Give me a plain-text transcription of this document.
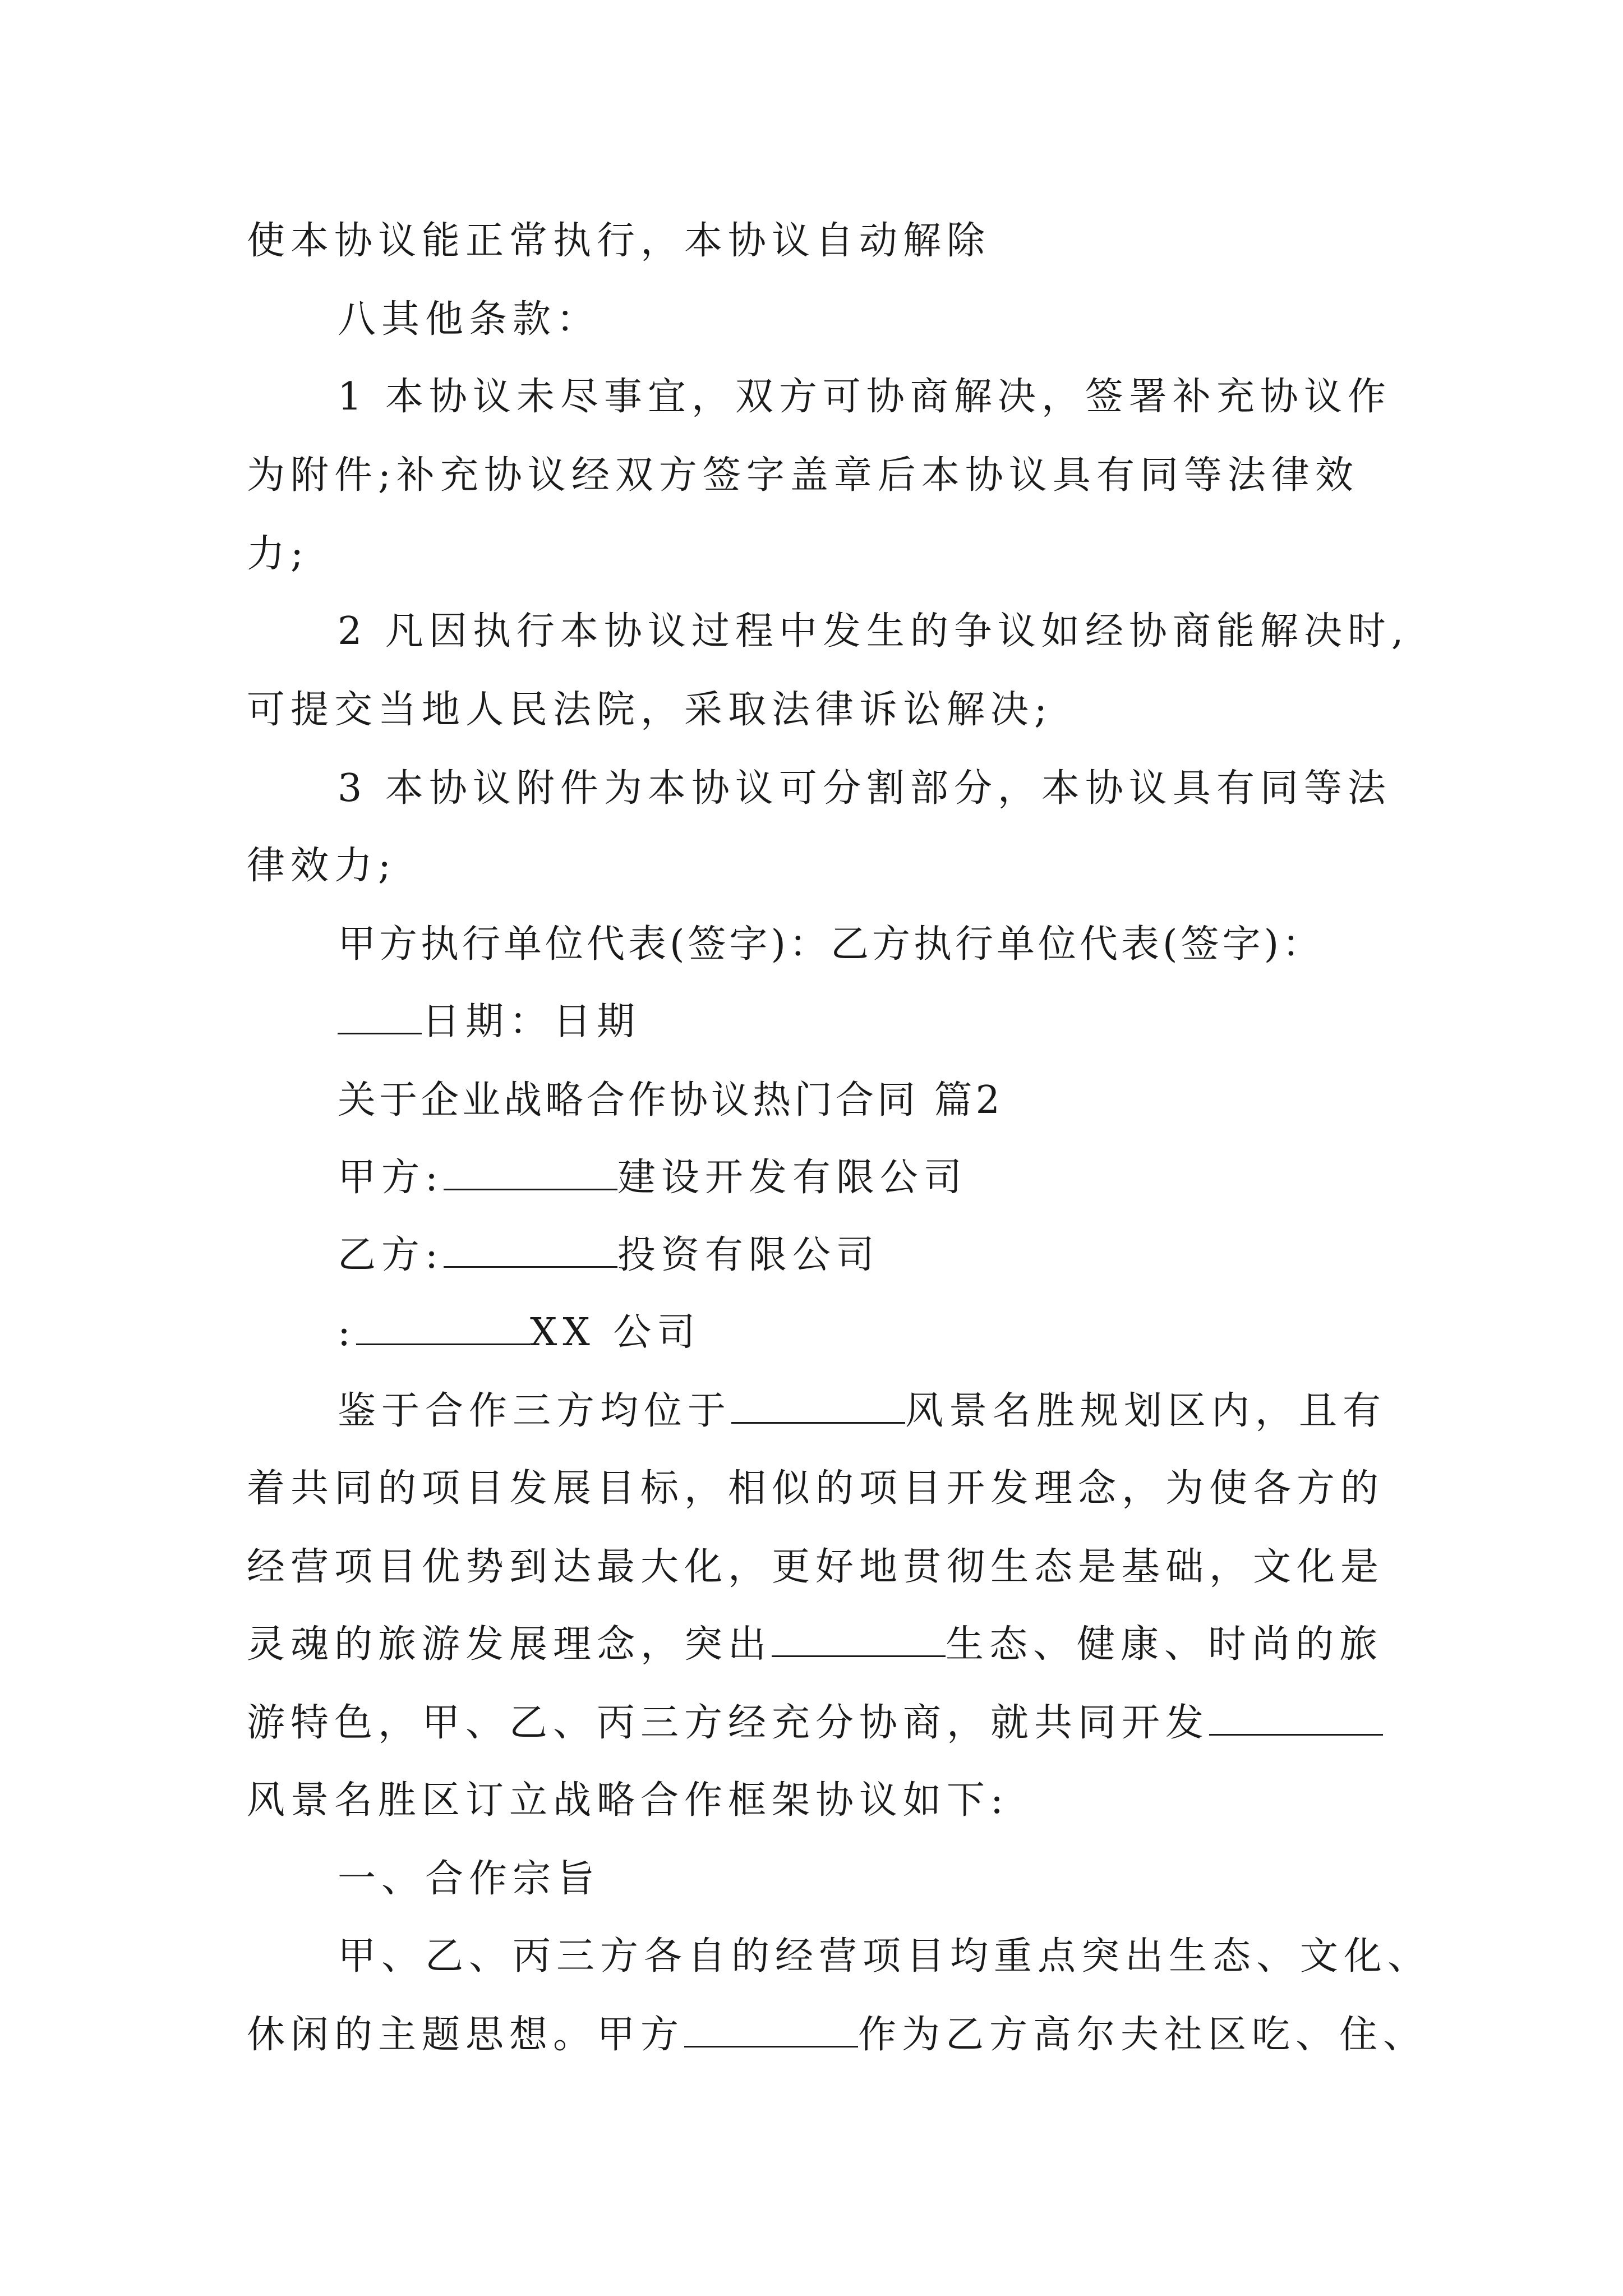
使本协议能正常执行，本协议自动解除
八其他条款：
1 本协议未尽事宜，双方可协商解决，签署补充协议作
为附件;补充协议经双方签字盖章后本协议具有同等法律效
力;
2 凡因执行本协议过程中发生的争议如经协商能解决时,
可提交当地人民法院，采取法律诉讼解决;
3 本协议附件为本协议可分割部分，本协议具有同等法
律效力;
甲方执行单位代表(签字)：乙方执行单位代表(签字)：
日期：日期
关于企业战略合作协议热门合同 篇2
甲方:	建设开发有限公司
乙方:	投资有限公司
:	XX 公司
鉴于合作三方均位于	风景名胜规划区内，且有
着共同的项目发展目标，相似的项目开发理念，为使各方的
经营项目优势到达最大化，更好地贯彻生态是基础，文化是
灵魂的旅游发展理念，突出	生态、健康、时尚的旅
游特色，甲、乙、丙三方经充分协商，就共同开发
风景名胜区订立战略合作框架协议如下:
一、合作宗旨
甲、乙、丙三方各自的经营项目均重点突出生态、文化、
休闲的主题思想。甲方	作为乙方高尔夫社区吃、住、
